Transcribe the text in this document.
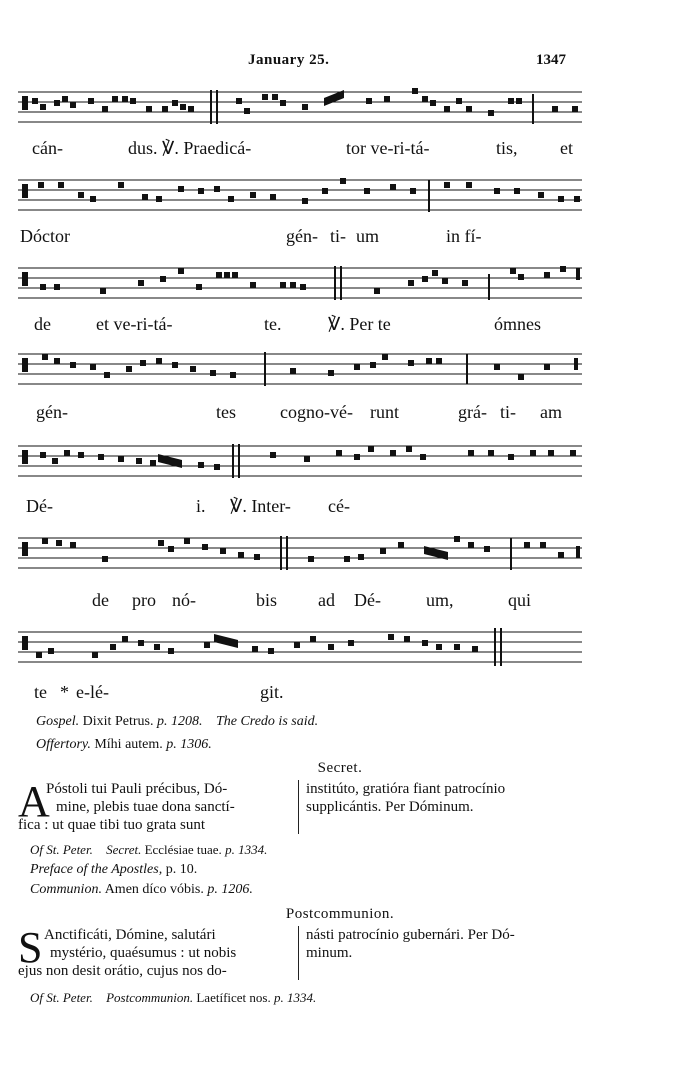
January 25.	1347
cán-	dus. ℣. Praedicá-	tor ve-ri-tá-	tis, et
Dóctor	gén- ti- um	in fí-
de	et ve-ri-tá-	te.	℣. Per te	ómnes
gén-	tes cogno-vé- runt	grá- ti- am
Dé-	i. ℣. Inter- cé-
de pro nó-	bis ad Dé-	um,	qui
te * e-lé-	git.
Gospel. Dixit Petrus. p. 1208. The Credo is said.
Offertory. Míhi autem. p. 1306.
Secret.
A
Póstoli tui Pauli précibus, Dó-
mine, plebis tuae dona sanctí-
fica : ut quae tibi tuo grata sunt
institúto, gratióra fiant patrocínio
supplicántis. Per Dóminum.
Of St. Peter. Secret. Ecclésiae tuae. p. 1334.
Preface of the Apostles, p. 10.
Communion. Amen díco vóbis. p. 1206.
Postcommunion.
S Anctificáti, Dómine, salutári
mystério, quaésumus : ut nobis
ejus non desit orátio, cujus nos do-
násti patrocínio gubernári. Per Dó-
minum.
Of St. Peter. Postcommunion. Laetíficet nos. p. 1334.
